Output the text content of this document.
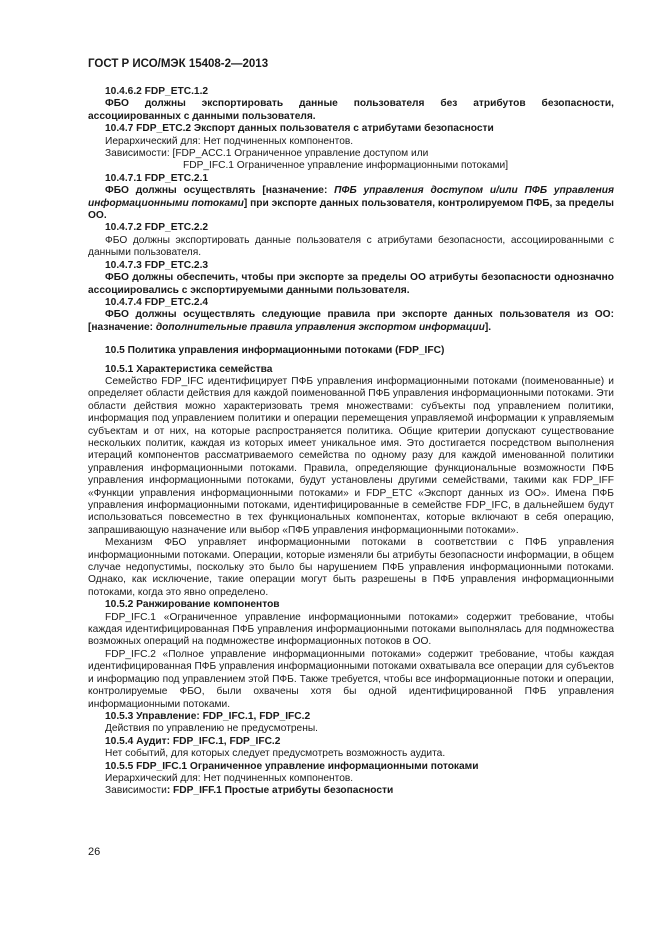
ГОСТ Р ИСО/МЭК 15408-2—2013

10.4.6.2 FDP_ETC.1.2

ФБО должны экспортировать данные пользователя без атрибутов безопасности, ассоциированных с данными пользователя.

10.4.7 FDP_ETC.2 Экспорт данных пользователя с атрибутами безопасности

Иерархический для: Нет подчиненных компонентов.

Зависимости: [FDP_ACC.1 Ограниченное управление доступом или
FDP_IFC.1 Ограниченное управление информационными потоками]

10.4.7.1 FDP_ETC.2.1

ФБО должны осуществлять [назначение: ПФБ управления доступом и/или ПФБ управления информационными потоками] при экспорте данных пользователя, контролируемом ПФБ, за пределы ОО.

10.4.7.2 FDP_ETC.2.2

ФБО должны экспортировать данные пользователя с атрибутами безопасности, ассоциированными с данными пользователя.

10.4.7.3 FDP_ETC.2.3

ФБО должны обеспечить, чтобы при экспорте за пределы ОО атрибуты безопасности однозначно ассоциировались с экспортируемыми данными пользователя.

10.4.7.4 FDP_ETC.2.4

ФБО должны осуществлять следующие правила при экспорте данных пользователя из ОО: [назначение: дополнительные правила управления экспортом информации].

10.5 Политика управления информационными потоками (FDP_IFC)

10.5.1 Характеристика семейства

Семейство FDP_IFC идентифицирует ПФБ управления информационными потоками (поименованные) и определяет области действия для каждой поименованной ПФБ управления информационными потоками. Эти области действия можно характеризовать тремя множествами: субъекты под управлением политики, информация под управлением политики и операции перемещения управляемой информации к управляемым субъектам и от них, на которые распространяется политика. Общие критерии допускают существование нескольких политик, каждая из которых имеет уникальное имя. Это достигается посредством выполнения итераций компонентов рассматриваемого семейства по одному разу для каждой именованной политики управления информационными потоками. Правила, определяющие функциональные возможности ПФБ управления информационными потоками, будут установлены другими семействами, такими как FDP_IFF «Функции управления информационными потоками» и FDP_ETC «Экспорт данных из ОО». Имена ПФБ управления информационными потоками, идентифицированные в семействе FDP_IFC, в дальнейшем будут использоваться повсеместно в тех функциональных компонентах, которые включают в себя операцию, запрашивающую назначение или выбор «ПФБ управления информационными потоками».

Механизм ФБО управляет информационными потоками в соответствии с ПФБ управления информационными потоками. Операции, которые изменяли бы атрибуты безопасности информации, в общем случае недопустимы, поскольку это было бы нарушением ПФБ управления информационными потоками. Однако, как исключение, такие операции могут быть разрешены в ПФБ управления информационными потоками, когда это явно определено.

10.5.2 Ранжирование компонентов

FDP_IFC.1 «Ограниченное управление информационными потоками» содержит требование, чтобы каждая идентифицированная ПФБ управления информационными потоками выполнялась для подмножества возможных операций на подмножестве информационных потоков в ОО.

FDP_IFC.2 «Полное управление информационными потоками» содержит требование, чтобы каждая идентифицированная ПФБ управления информационными потоками охватывала все операции для субъектов и информацию под управлением этой ПФБ. Также требуется, чтобы все информационные потоки и операции, контролируемые ФБО, были охвачены хотя бы одной идентифицированной ПФБ управления информационными потоками.

10.5.3 Управление: FDP_IFC.1, FDP_IFC.2

Действия по управлению не предусмотрены.

10.5.4 Аудит: FDP_IFC.1, FDP_IFC.2

Нет событий, для которых следует предусмотреть возможность аудита.

10.5.5 FDP_IFC.1 Ограниченное управление информационными потоками

Иерархический для: Нет подчиненных компонентов.

Зависимости: FDP_IFF.1 Простые атрибуты безопасности

26
